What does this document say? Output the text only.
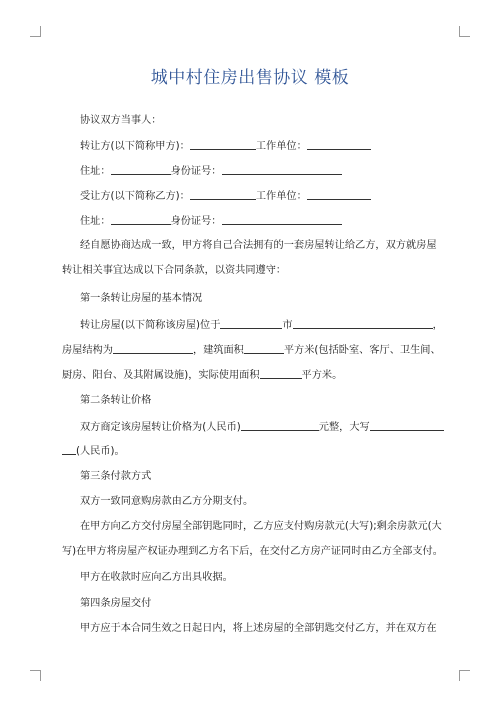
城中村住房出售协议 模板
协议双方当事人：
转让方(以下简称甲方)：	工作单位：
住址：	身份证号：
受让方(以下简称乙方)：	工作单位：
住址：	身份证号：
经自愿协商达成一致，甲方将自己合法拥有的一套房屋转让给乙方，双方就房屋
转让相关事宜达成以下合同条款，以资共同遵守：
第一条转让房屋的基本情况
转让房屋(以下简称该房屋)位于	市	，
房屋结构为	，建筑面积	平方米(包括卧室、客厅、卫生间、
厨房、阳台、及其附属设施)，实际使用面积	平方米。
第二条转让价格
双方商定该房屋转让价格为(人民币)	元整，大写
(人民币)。
第三条付款方式
双方一致同意购房款由乙方分期支付。
在甲方向乙方交付房屋全部钥匙同时，乙方应支付购房款元(大写);剩余房款元(大
写)在甲方将房屋产权证办理到乙方名下后，在交付乙方房产证同时由乙方全部支付。
甲方在收款时应向乙方出具收据。
第四条房屋交付
甲方应于本合同生效之日起日内，将上述房屋的全部钥匙交付乙方，并在双方在
